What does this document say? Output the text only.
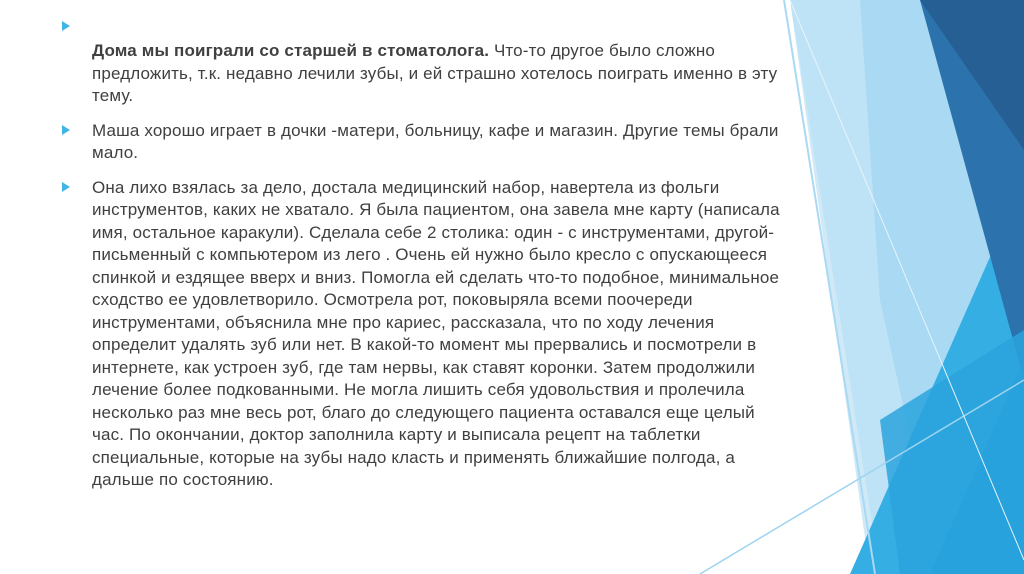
Дома мы поиграли со старшей в стоматолога. Что-то другое было сложно предложить, т.к. недавно лечили зубы, и ей страшно хотелось поиграть именно в эту тему.
Маша хорошо играет в дочки -матери, больницу, кафе и магазин. Другие темы брали мало.
Она лихо взялась за дело, достала медицинский набор, навертела из фольги инструментов, каких не хватало. Я была пациентом, она завела мне карту (написала имя, остальное каракули). Сделала себе 2 столика: один - с инструментами, другой- письменный с компьютером из лего . Очень ей нужно было кресло с опускающееся спинкой и ездящее вверх и вниз. Помогла ей сделать что-то подобное, минимальное сходство ее удовлетворило. Осмотрела рот, поковыряла всеми поочереди инструментами, объяснила мне про кариес, рассказала, что по ходу лечения определит удалять зуб или нет. В какой-то момент мы прервались и посмотрели в интернете, как устроен зуб, где там нервы, как ставят коронки. Затем продолжили лечение более подкованными. Не могла лишить себя удовольствия и пролечила несколько раз мне весь рот, благо до следующего пациента оставался еще целый час. По окончании, доктор заполнила карту и выписала рецепт на таблетки специальные, которые на зубы надо класть и применять ближайшие полгода, а дальше по состоянию.
